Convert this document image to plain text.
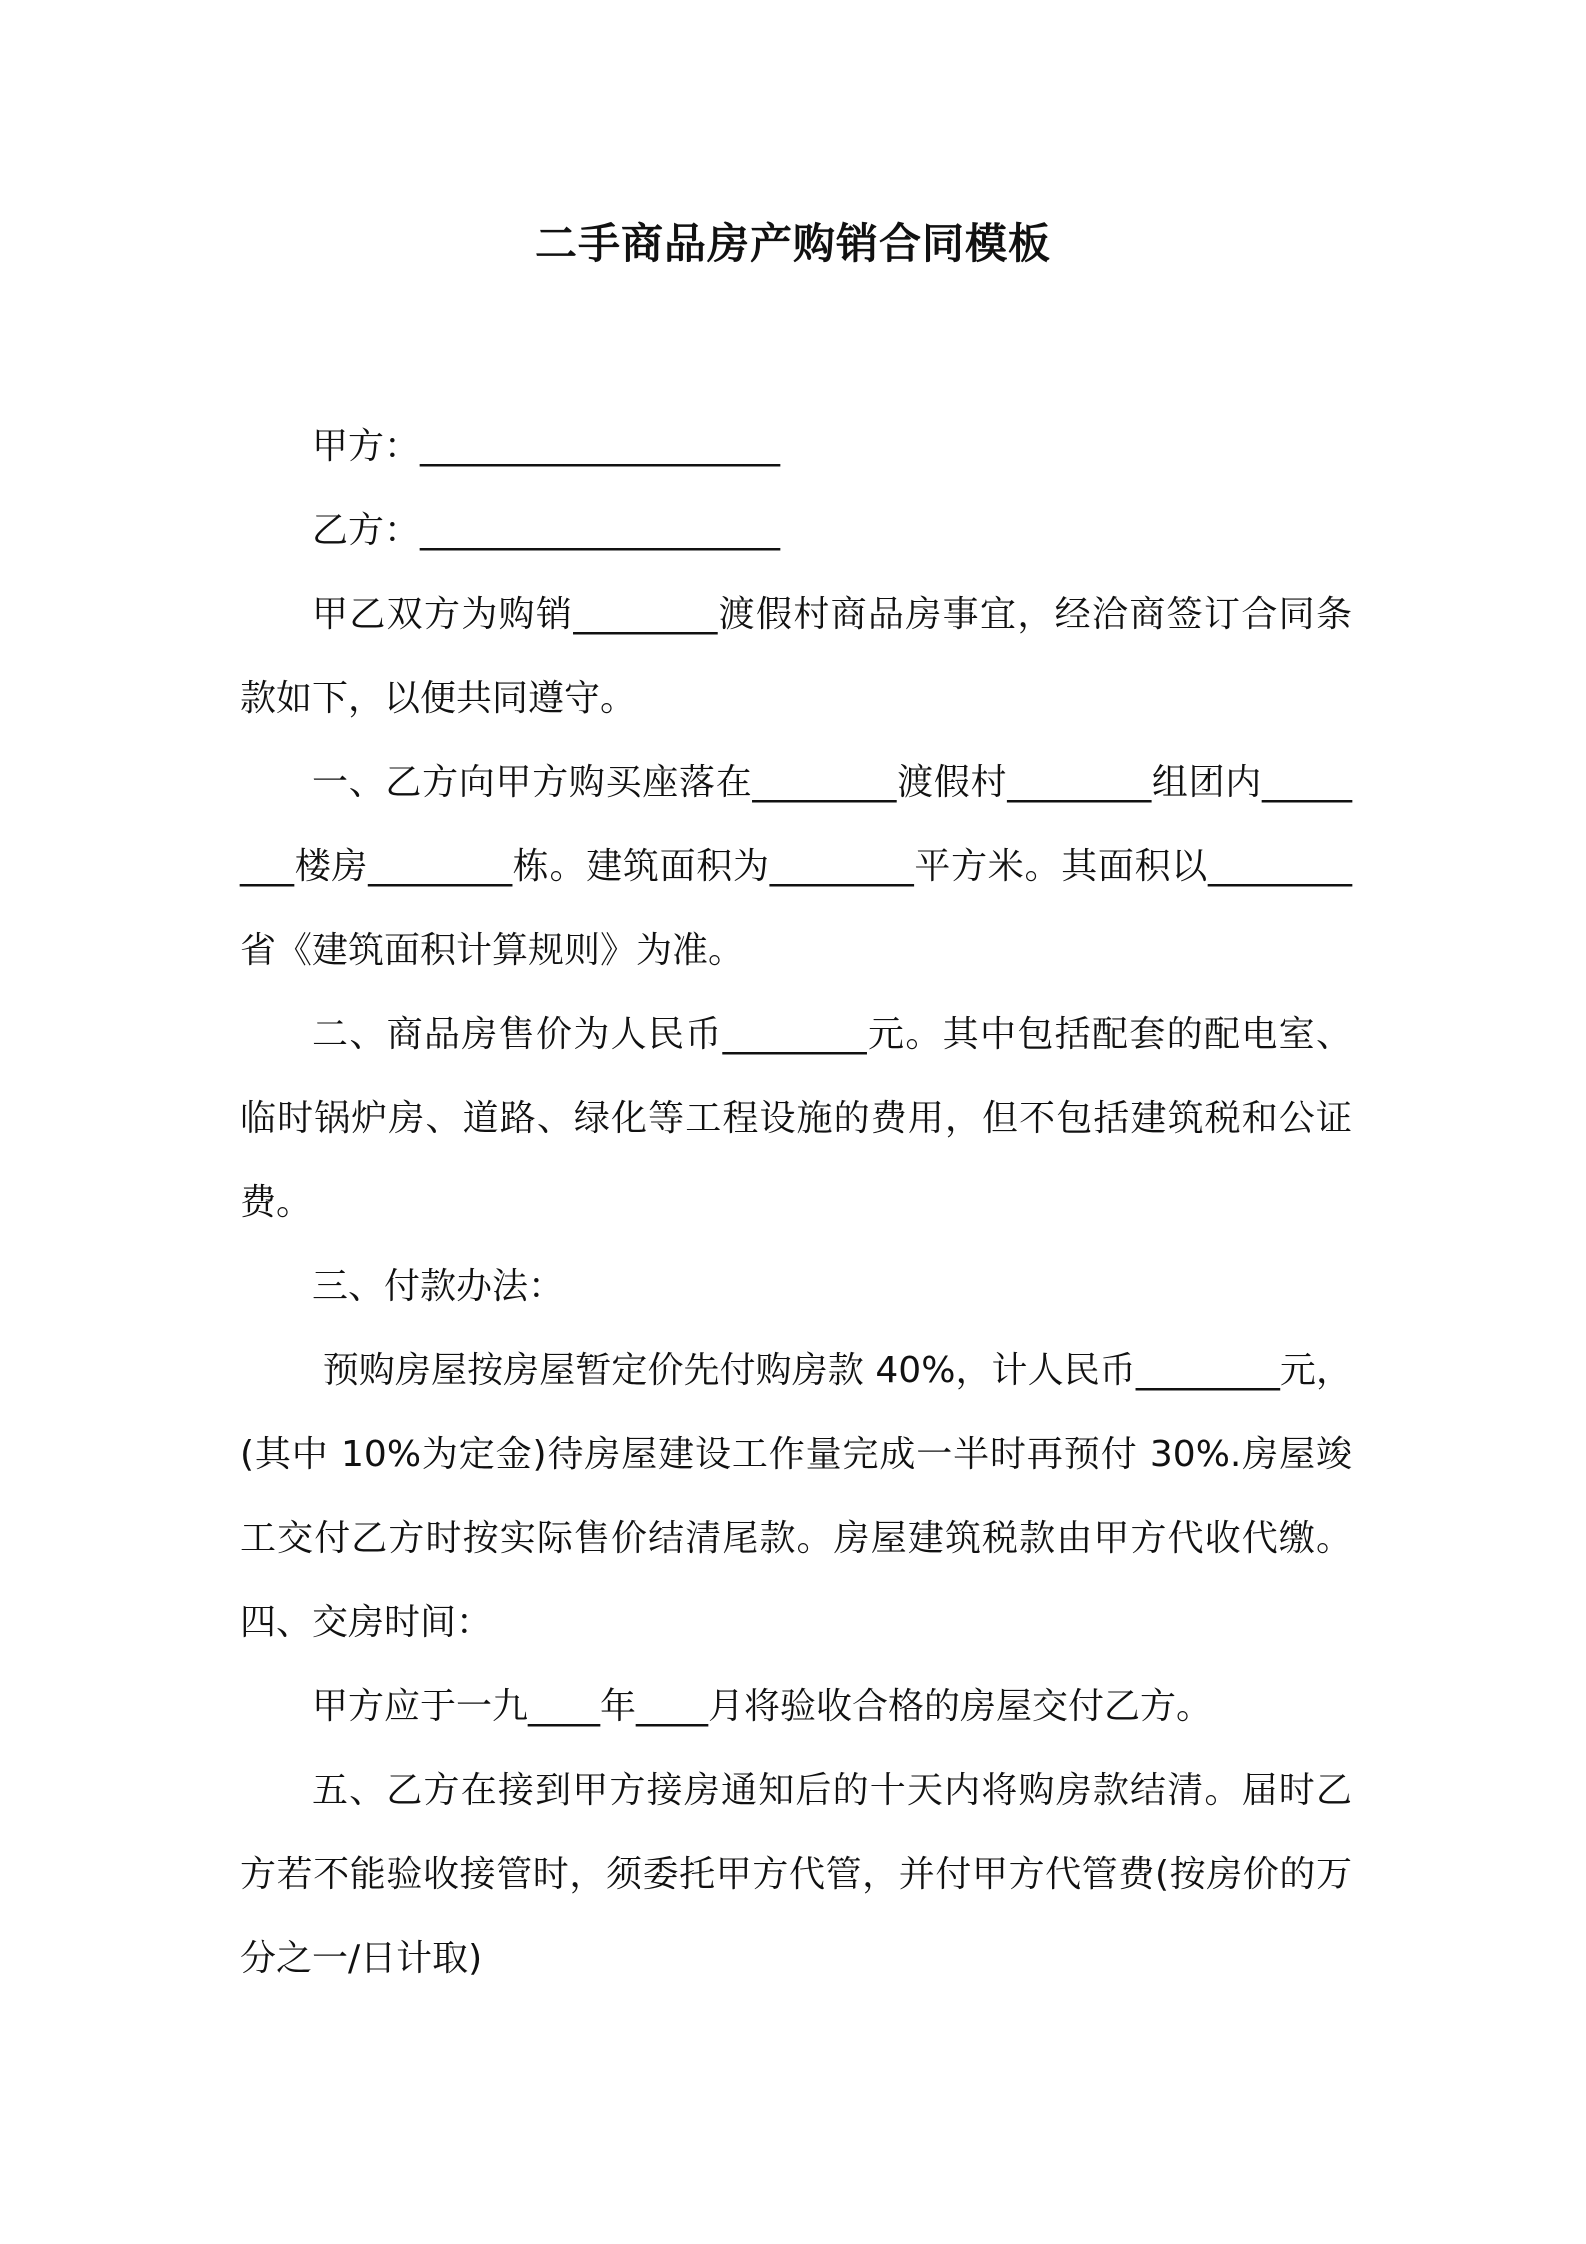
二手商品房产购销合同模板

甲方：____________________

乙方：____________________

甲乙双方为购销________渡假村商品房事宜，经洽商签订合同条款如下，以便共同遵守。

一、乙方向甲方购买座落在________渡假村________组团内________楼房________栋。建筑面积为________平方米。其面积以________省《建筑面积计算规则》为准。

二、商品房售价为人民币________元。其中包括配套的配电室、临时锅炉房、道路、绿化等工程设施的费用，但不包括建筑税和公证费。

三、付款办法：

预购房屋按房屋暂定价先付购房款 40%，计人民币________元，(其中 10%为定金)待房屋建设工作量完成一半时再预付 30%.房屋竣工交付乙方时按实际售价结清尾款。房屋建筑税款由甲方代收代缴。  四、交房时间：

甲方应于一九____年____月将验收合格的房屋交付乙方。

五、乙方在接到甲方接房通知后的十天内将购房款结清。届时乙方若不能验收接管时，须委托甲方代管，并付甲方代管费(按房价的万分之一/日计取)
